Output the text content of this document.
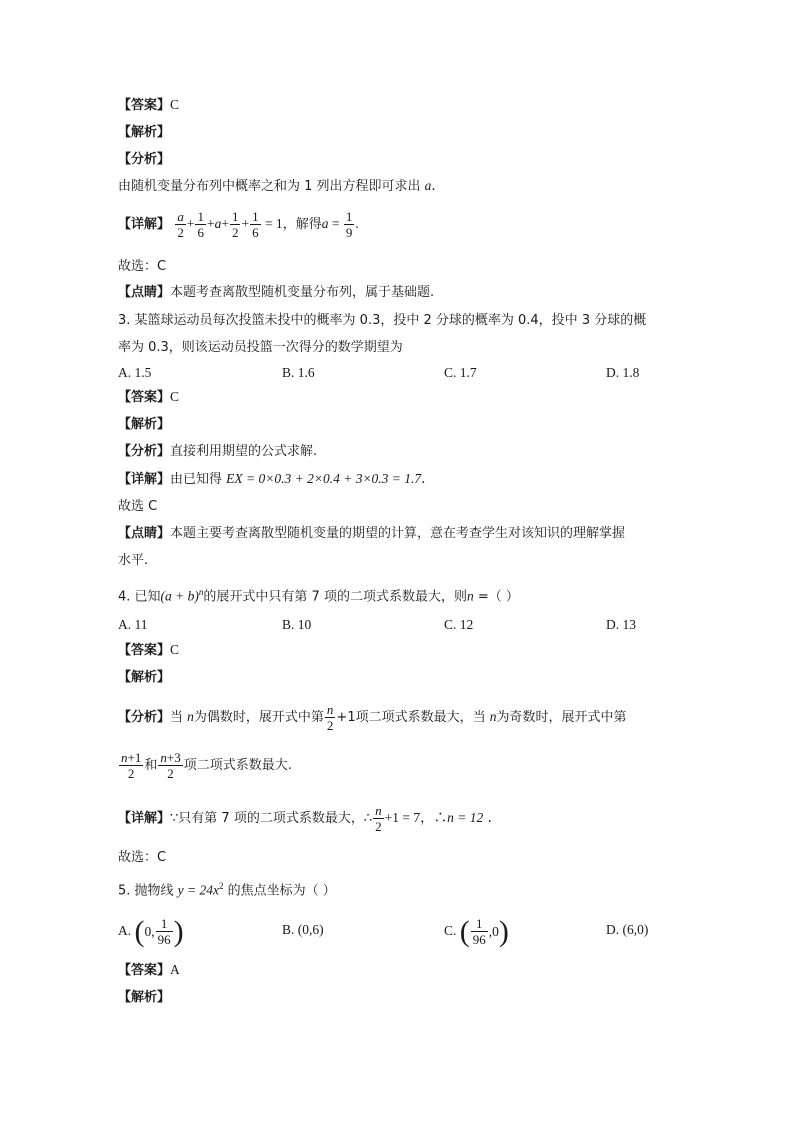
【答案】C
【解析】
【分析】
由随机变量分布列中概率之和为 1 列出方程即可求出 a.
【详解】 $\frac{a}{2} + \frac{1}{6} +a+ \frac{1}{2} + \frac{1}{6} = 1$，解得$a = \frac{1}{9}$ .
故选：C
【点睛】本题考查离散型随机变量分布列，属于基础题.
3. 某篮球运动员每次投篮未投中的概率为 0.3，投中 2 分球的概率为 0.4，投中 3 分球的概
率为 0.3，则该运动员投篮一次得分的数学期望为
A. 1.5	B. 1.6	C. 1.7	D. 1.8
【答案】C
【解析】
【分析】直接利用期望的公式求解.
【详解】由已知得 EX = 0×0.3 + 2×0.4 + 3×0.3 = 1.7.
故选 C
【点睛】本题主要考查离散型随机变量的期望的计算，意在考查学生对该知识的理解掌握
水平.
4. 已知$(a + b)^n$的展开式中只有第 7 项的二项式系数最大，则n =（ ）
A. 11	B. 10	C. 12	D. 13
【答案】C
【解析】
【分析】当 n为偶数时，展开式中第 $\frac{n}{2} +1$项二项式系数最大，当 n为奇数时，展开式中第
$\frac{n+1}{2}$ 和 $\frac{n+3}{2}$ 项二项式系数最大.
【详解】∵只有第 7 项的二项式系数最大，∴ $\frac{n}{2} +1 = 7$，∴n = 12 .
故选：C
5. 抛物线 $y = 24x^2$ 的焦点坐标为（ ）
A. (0, $\frac{1}{96}$ )	B. (0,6)	C. ( $\frac{1}{96} ,0$)	D. (6,0)
【答案】A
【解析】
